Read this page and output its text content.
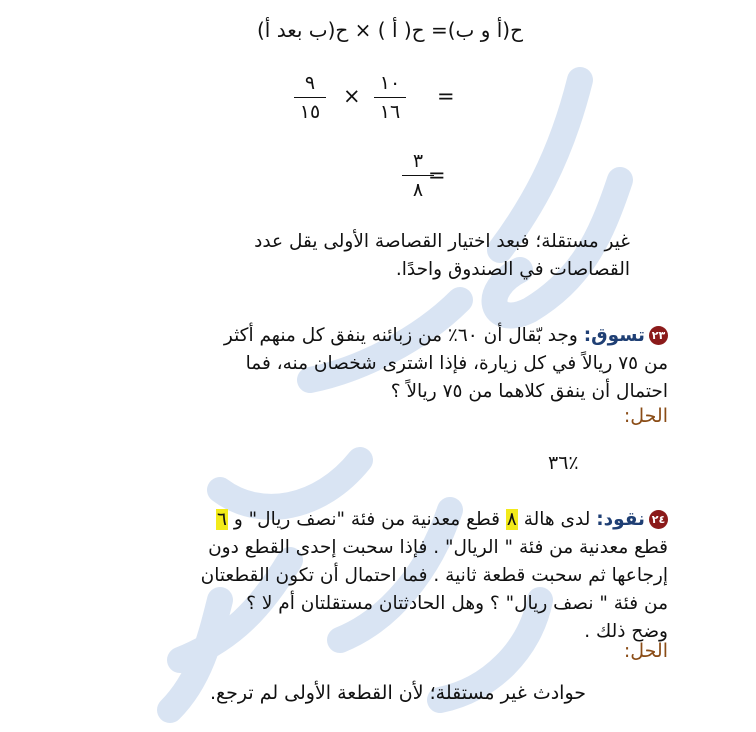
ح(أ و ب)= ح( أ ) × ح(ب بعد أ)
=
١٠
١٦
×
٩
١٥
=
٣
٨
غير مستقلة؛ فبعد اختيار القصاصة الأولى يقل عدد
القصاصات في الصندوق واحدًا.
٢٣تسوق: وجد بّقال أن ٦٠٪ من زبائنه ينفق كل منهم أكثر
من ٧٥ ريالاً في كل زيارة، فإذا اشترى شخصان منه، فما
احتمال أن ينفق كلاهما من ٧٥ ريالاً ؟
الحل:
٣٦٪
٢٤نقود: لدى هالة ٨ قطع معدنية من فئة "نصف ريال" و ٦
قطع معدنية من فئة " الريال" . فإذا سحبت إحدى القطع دون
إرجاعها ثم سحبت قطعة ثانية . فما احتمال أن تكون القطعتان
من فئة " نصف ريال" ؟ وهل الحادثتان مستقلتان أم لا ؟
وضح ذلك .
الحل:
حوادث غير مستقلة؛ لأن القطعة الأولى لم ترجع.
